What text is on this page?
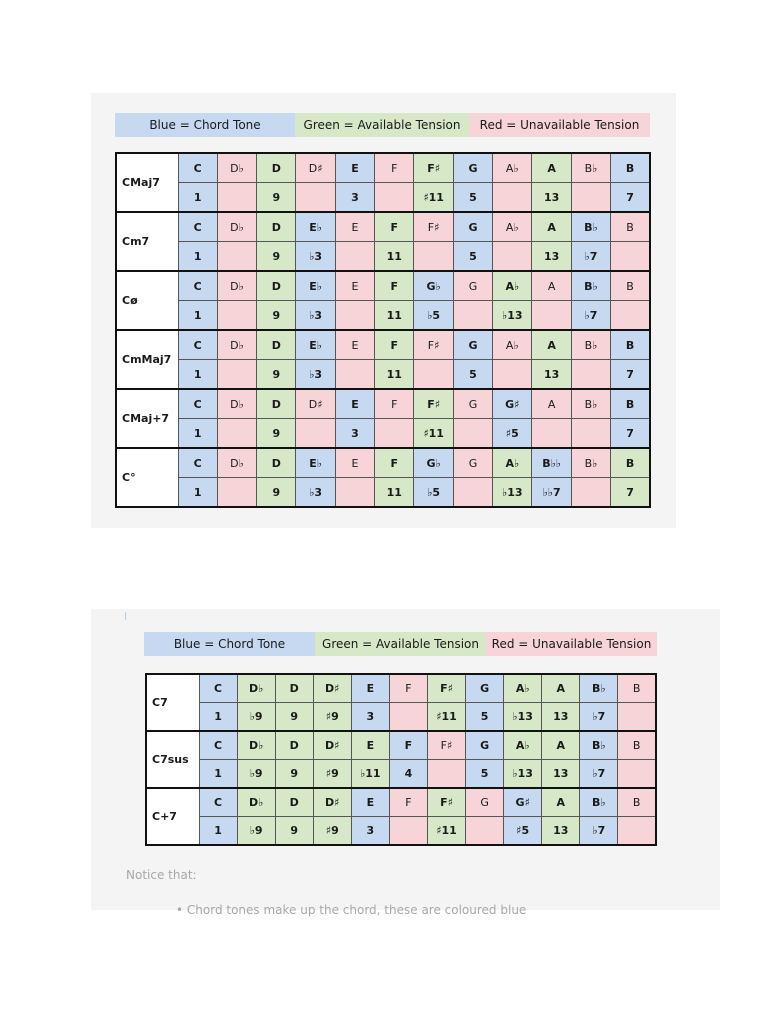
Blue = Chord Tone	Green = Available Tension	Red = Unavailable Tension
CMaj7	C	D♭	D	D♯	E	F	F♯	G	A♭	A	B♭	B
	1		9		3		♯11	5		13		7
Cm7	C	D♭	D	E♭	E	F	F♯	G	A♭	A	B♭	B
	1		9	♭3		11		5		13	♭7	
Cø	C	D♭	D	E♭	E	F	G♭	G	A♭	A	B♭	B
	1		9	♭3		11	♭5		♭13		♭7	
CmMaj7	C	D♭	D	E♭	E	F	F♯	G	A♭	A	B♭	B
	1		9	♭3		11		5		13		7
CMaj+7	C	D♭	D	D♯	E	F	F♯	G	G♯	A	B♭	B
	1		9		3		♯11		♯5			7
C°	C	D♭	D	E♭	E	F	G♭	G	A♭	B♭♭	B♭	B
	1		9	♭3		11	♭5		♭13	♭♭7		7
Blue = Chord Tone	Green = Available Tension	Red = Unavailable Tension
C7	C	D♭	D	D♯	E	F	F♯	G	A♭	A	B♭	B
	1	♭9	9	♯9	3		♯11	5	♭13	13	♭7	
C7sus	C	D♭	D	D♯	E	F	F♯	G	A♭	A	B♭	B
	1	♭9	9	♯9	♭11	4		5	♭13	13	♭7	
C+7	C	D♭	D	D♯	E	F	F♯	G	G♯	A	B♭	B
	1	♭9	9	♯9	3		♯11		♯5	13	♭7	
Notice that:
• Chord tones make up the chord, these are coloured blue
